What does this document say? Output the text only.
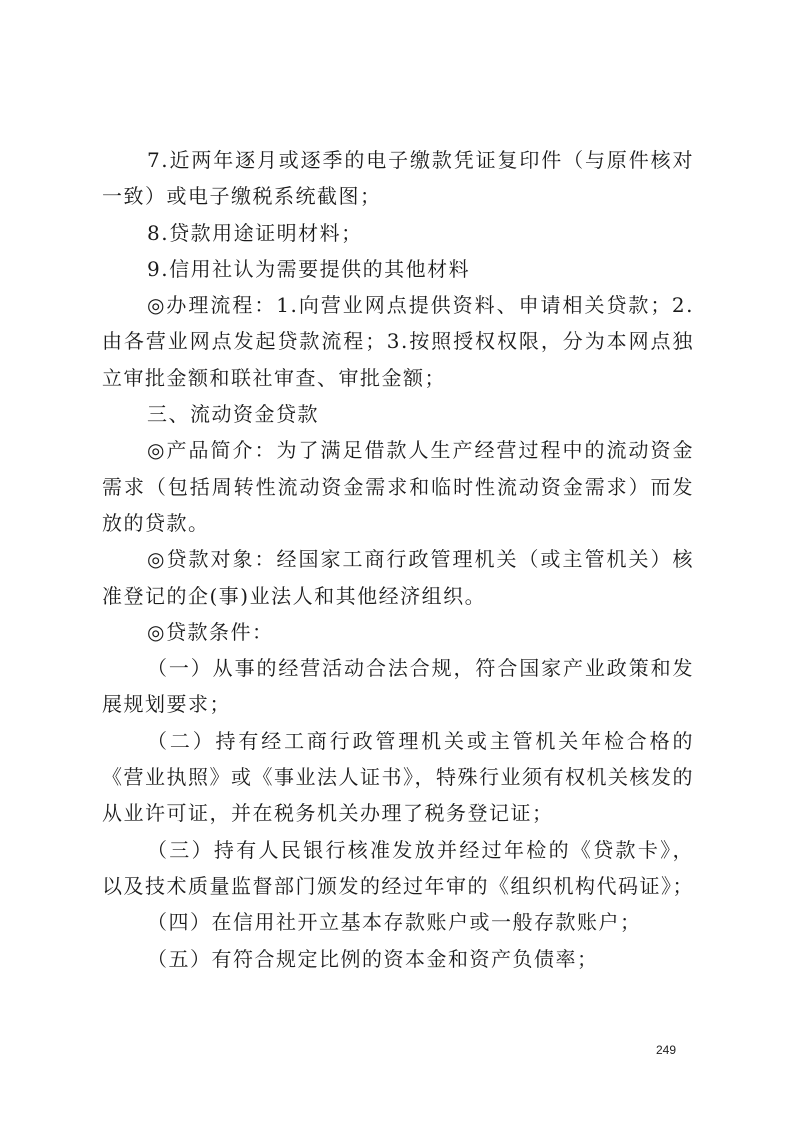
7.近两年逐月或逐季的电子缴款凭证复印件（与原件核对一致）或电子缴税系统截图；

8.贷款用途证明材料；

9.信用社认为需要提供的其他材料

◎办理流程：1.向营业网点提供资料、申请相关贷款；2.由各营业网点发起贷款流程；3.按照授权权限，分为本网点独立审批金额和联社审查、审批金额；

三、流动资金贷款

◎产品简介：为了满足借款人生产经营过程中的流动资金需求（包括周转性流动资金需求和临时性流动资金需求）而发放的贷款。

◎贷款对象：经国家工商行政管理机关（或主管机关）核准登记的企(事)业法人和其他经济组织。

◎贷款条件：

（一）从事的经营活动合法合规，符合国家产业政策和发展规划要求；

（二）持有经工商行政管理机关或主管机关年检合格的《营业执照》或《事业法人证书》，特殊行业须有权机关核发的从业许可证，并在税务机关办理了税务登记证；

（三）持有人民银行核准发放并经过年检的《贷款卡》，以及技术质量监督部门颁发的经过年审的《组织机构代码证》；

（四）在信用社开立基本存款账户或一般存款账户；

（五）有符合规定比例的资本金和资产负债率；

249
